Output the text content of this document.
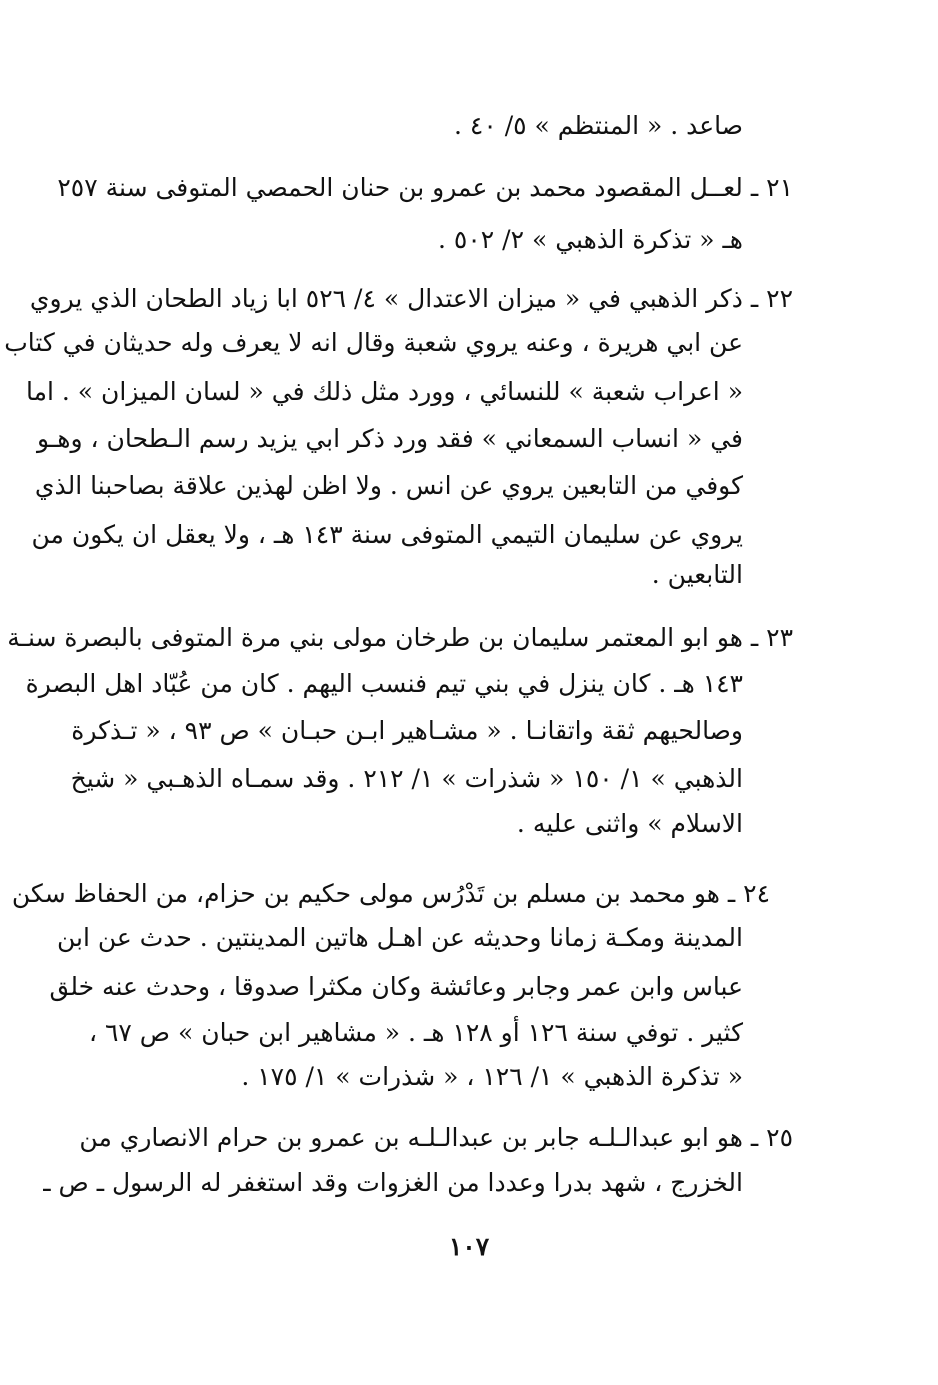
صاعد . « المنتظم » ٥/ ٤٠ .
٢١ ـ لعــل المقصود محمد بن عمرو بن حنان الحمصي المتوفى سنة ٢٥٧
هـ « تذكرة الذهبي » ٢/ ٥٠٢ .
٢٢ ـ ذكر الذهبي في « ميزان الاعتدال » ٤/ ٥٢٦ ابا زياد الطحان الذي يروي
عن ابي هريرة ، وعنه يروي شعبة وقال انه لا يعرف وله حديثان في كتاب
« اعراب شعبة » للنسائي ، وورد مثل ذلك في « لسان الميزان » . اما
في « انساب السمعاني » فقد ورد ذكر ابي يزيد رسم الـطحان ، وهـو
كوفي من التابعين يروي عن انس . ولا اظن لهذين علاقة بصاحبنا الذي
يروي عن سليمان التيمي المتوفى سنة ١٤٣ هـ ، ولا يعقل ان يكون من
التابعين .
٢٣ ـ هو ابو المعتمر سليمان بن طرخان مولى بني مرة المتوفى بالبصرة سنـة
١٤٣ هـ . كان ينزل في بني تيم فنسب اليهم . كان من عُبّاد اهل البصرة
وصالحيهم ثقة واتقانـا . « مشـاهير ابـن حبـان » ص ٩٣ ، « تـذكرة
الذهبي » ١/ ١٥٠ « شذرات » ١/ ٢١٢ . وقد سمـاه الذهـبي « شيخ
الاسلام » واثنى عليه .
٢٤ ـ هو محمد بن مسلم بن تَدْرُس مولى حكيم بن حزام، من الحفاظ سكن
المدينة ومكـة زمانا وحديثه عن اهـل هاتين المدينتين . حدث عن ابن
عباس وابن عمر وجابر وعائشة وكان مكثرا صدوقا ، وحدث عنه خلق
كثير . توفي سنة ١٢٦ أو ١٢٨ هـ . « مشاهير ابن حبان » ص ٦٧ ،
« تذكرة الذهبي » ١/ ١٢٦ ، « شذرات » ١/ ١٧٥ .
٢٥ ـ هو ابو عبدالـلـه جابر بن عبدالـلـه بن عمرو بن حرام الانصاري من
الخزرج ، شهد بدرا وعددا من الغزوات وقد استغفر له الرسول ـ ص ـ
١٠٧
